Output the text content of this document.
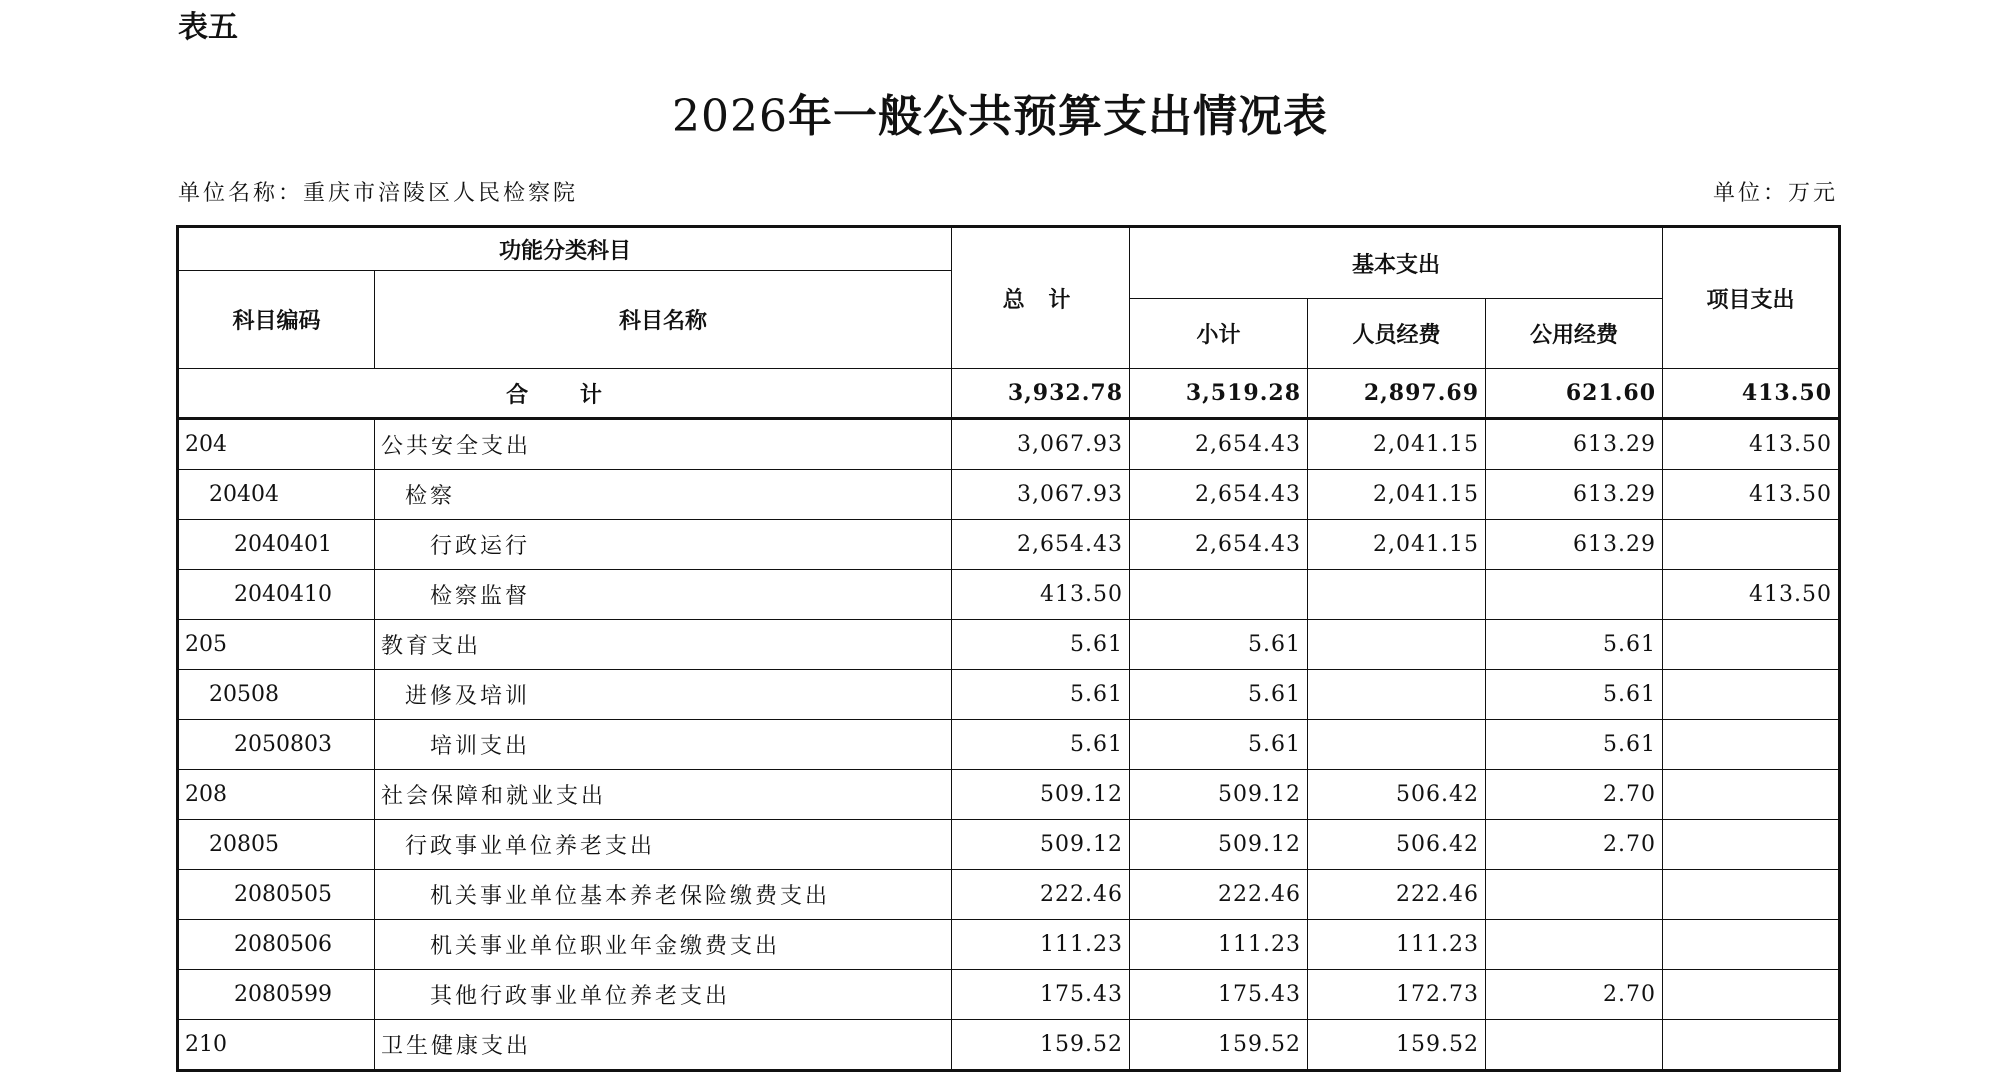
表五
2026年一般公共预算支出情况表
单位名称：重庆市涪陵区人民检察院	单位：万元
功能分类科目		总 计	基本支出			项目支出
科目编码	科目名称					
			小计	人员经费	公用经费	
合 计		3,932.78	3,519.28	2,897.69	621.60	413.50
204	公共安全支出	3,067.93	2,654.43	2,041.15	613.29	413.50
20404	检察	3,067.93	2,654.43	2,041.15	613.29	413.50
2040401	行政运行	2,654.43	2,654.43	2,041.15	613.29	
2040410	检察监督	413.50				413.50
205	教育支出	5.61	5.61		5.61	
20508	进修及培训	5.61	5.61		5.61	
2050803	培训支出	5.61	5.61		5.61	
208	社会保障和就业支出	509.12	509.12	506.42	2.70	
20805	行政事业单位养老支出	509.12	509.12	506.42	2.70	
2080505	机关事业单位基本养老保险缴费支出	222.46	222.46	222.46		
2080506	机关事业单位职业年金缴费支出	111.23	111.23	111.23		
2080599	其他行政事业单位养老支出	175.43	175.43	172.73	2.70	
210	卫生健康支出	159.52	159.52	159.52		
